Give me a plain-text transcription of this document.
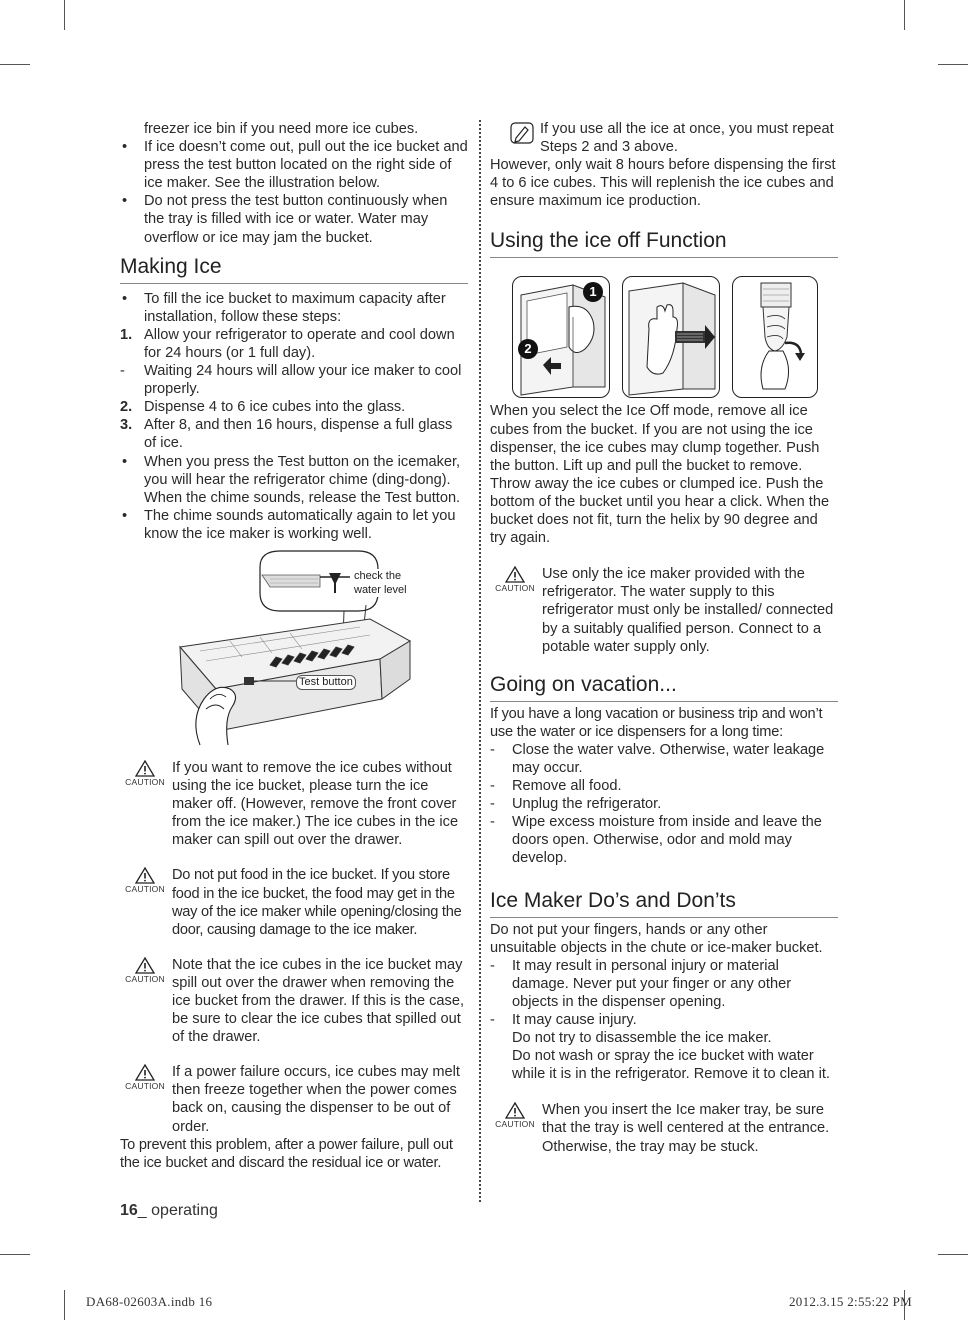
freezer ice bin if you need more ice cubes.

•	If ice doesn’t come out, pull out the ice bucket and press the test button located on the right side of ice maker. See the illustration below.
•	Do not press the test button continuously when the tray is filled with ice or water. Water may overflow or ice may jam the bucket.
Making Ice
•	To fill the ice bucket to maximum capacity after installation, follow these steps:
1. Allow your refrigerator to operate and cool down for 24 hours (or 1 full day).
-	Waiting 24 hours will allow your ice maker to cool properly.
2. Dispense 4 to 6 ice cubes into the glass.
3. After 8, and then 16 hours, dispense a full glass of ice.
•	When you press the Test button on the icemaker, you will hear the refrigerator chime (ding-dong). When the chime sounds, release the Test button.
•	The chime sounds automatically again to let you know the ice maker is working well.
check the
water level
Test button
CAUTION

If you want to remove the ice cubes without using the ice bucket, please turn the ice maker off. (However, remove the front cover from the ice maker.) The ice cubes in the ice maker can spill out over the drawer.

CAUTION

Do not put food in the ice bucket. If you store food in the ice bucket, the food may get in the way of the ice maker while opening/closing the door, causing damage to the ice maker.

CAUTION

Note that the ice cubes in the ice bucket may spill out over the drawer when removing the ice bucket from the drawer. If this is the case, be sure to clear the ice cubes that spilled out of the drawer.

CAUTION

If a power failure occurs, ice cubes may melt then freeze together when the power comes back on, causing the dispenser to be out of order.

To prevent this problem, after a power failure, pull out the ice bucket and discard the residual ice or water.

If you use all the ice at once, you must repeat Steps 2 and 3 above.

However, only wait 8 hours before dispensing the first 4 to 6 ice cubes. This will replenish the ice cubes and ensure maximum ice production.

Using the ice off Function
1
2

When you select the Ice Off mode, remove all ice cubes from the bucket. If you are not using the ice dispenser, the ice cubes may clump together. Push the button. Lift up and pull the bucket to remove. Throw away the ice cubes or clumped ice. Push the bottom of the bucket until you hear a click. When the bucket does not fit, turn the helix by 90 degree and try again.

CAUTION

Use only the ice maker provided with the refrigerator. The water supply to this refrigerator must only be installed/ connected by a suitably qualified person. Connect to a potable water supply only.

Going on vacation...

If you have a long vacation or business trip and won’t use the water or ice dispensers for a long time:

-	Close the water valve. Otherwise, water leakage may occur.
-	Remove all food.
-	Unplug the refrigerator.
-	Wipe excess moisture from inside and leave the doors open. Otherwise, odor and mold may develop.
Ice Maker Do’s and Don’ts

Do not put your fingers, hands or any other unsuitable objects in the chute or ice-maker bucket.

-	It may result in personal injury or material damage. Never put your finger or any other objects in the dispenser opening.
-	It may cause injury.

Do not try to disassemble the ice maker.

Do not wash or spray the ice bucket with water while it is in the refrigerator. Remove it to clean it.

CAUTION

When you insert the Ice maker tray, be sure that the tray is well centered at the entrance. Otherwise, the tray may be stuck.

16_ operating
DA68-02603A.indb 16	2012.3.15 2:55:22 PM
